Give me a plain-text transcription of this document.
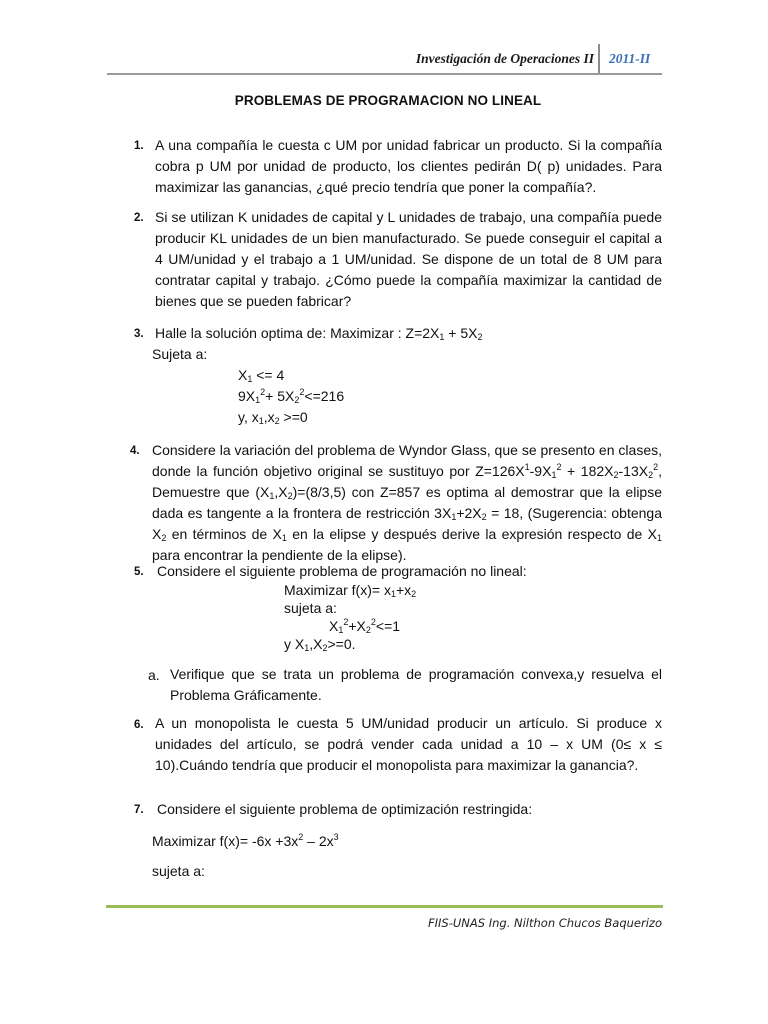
Investigación de Operaciones II 2011-II
PROBLEMAS DE PROGRAMACION NO LINEAL
1. A una compañía le cuesta c UM por unidad fabricar un producto. Si la compañía cobra p UM por unidad de producto, los clientes pedirán D( p) unidades. Para maximizar las ganancias, ¿qué precio tendría que poner la compañía?.
2. Si se utilizan K unidades de capital y L unidades de trabajo, una compañía puede producir KL unidades de un bien manufacturado. Se puede conseguir el capital a 4 UM/unidad y el trabajo a 1 UM/unidad. Se dispone de un total de 8 UM para contratar capital y trabajo. ¿Cómo puede la compañía maximizar la cantidad de bienes que se pueden fabricar?
3. Halle la solución optima de: Maximizar : $Z=2X_1 + 5X_2$
Sujeta a:
$X_1 <= 4$
$9X_1^2+ 5X_2^2<=216$
y, $x_1,x_2 >=0$
4. Considere la variación del problema de Wyndor Glass, que se presento en clases,
donde la función objetivo original se sustituyo por $Z=126X^1-9X_1^2 + 182X_2-13X_2^2$,
Demuestre que $(X_1,X_2)=(8/3,5)$ con Z=857 es optima al demostrar que la elipse
dada es tangente a la frontera de restricción $3X_1+2X_2 = 18$, (Sugerencia: obtenga
$X_2$ en términos de $X_1$ en la elipse y después derive la expresión respecto de $X_1$
para encontrar la pendiente de la elipse).
5. Considere el siguiente problema de programación no lineal:
Maximizar $f(x)= x_1+x_2$
sujeta a:
$X_1^2+X_2^2<=1$
y $X_1,X_2>=0$.
a. Verifique que se trata un problema de programación convexa,y resuelva el Problema Gráficamente.
6. A un monopolista le cuesta 5 UM/unidad producir un artículo. Si produce x unidades del artículo, se podrá vender cada unidad a 10 – x UM (0≤ x ≤ 10).Cuándo tendría que producir el monopolista para maximizar la ganancia?.
7. Considere el siguiente problema de optimización restringida:
Maximizar $f(x)= -6x +3x^2 - 2x^3$
sujeta a:
FIIS-UNAS Ing. Nilthon Chucos Baquerizo
